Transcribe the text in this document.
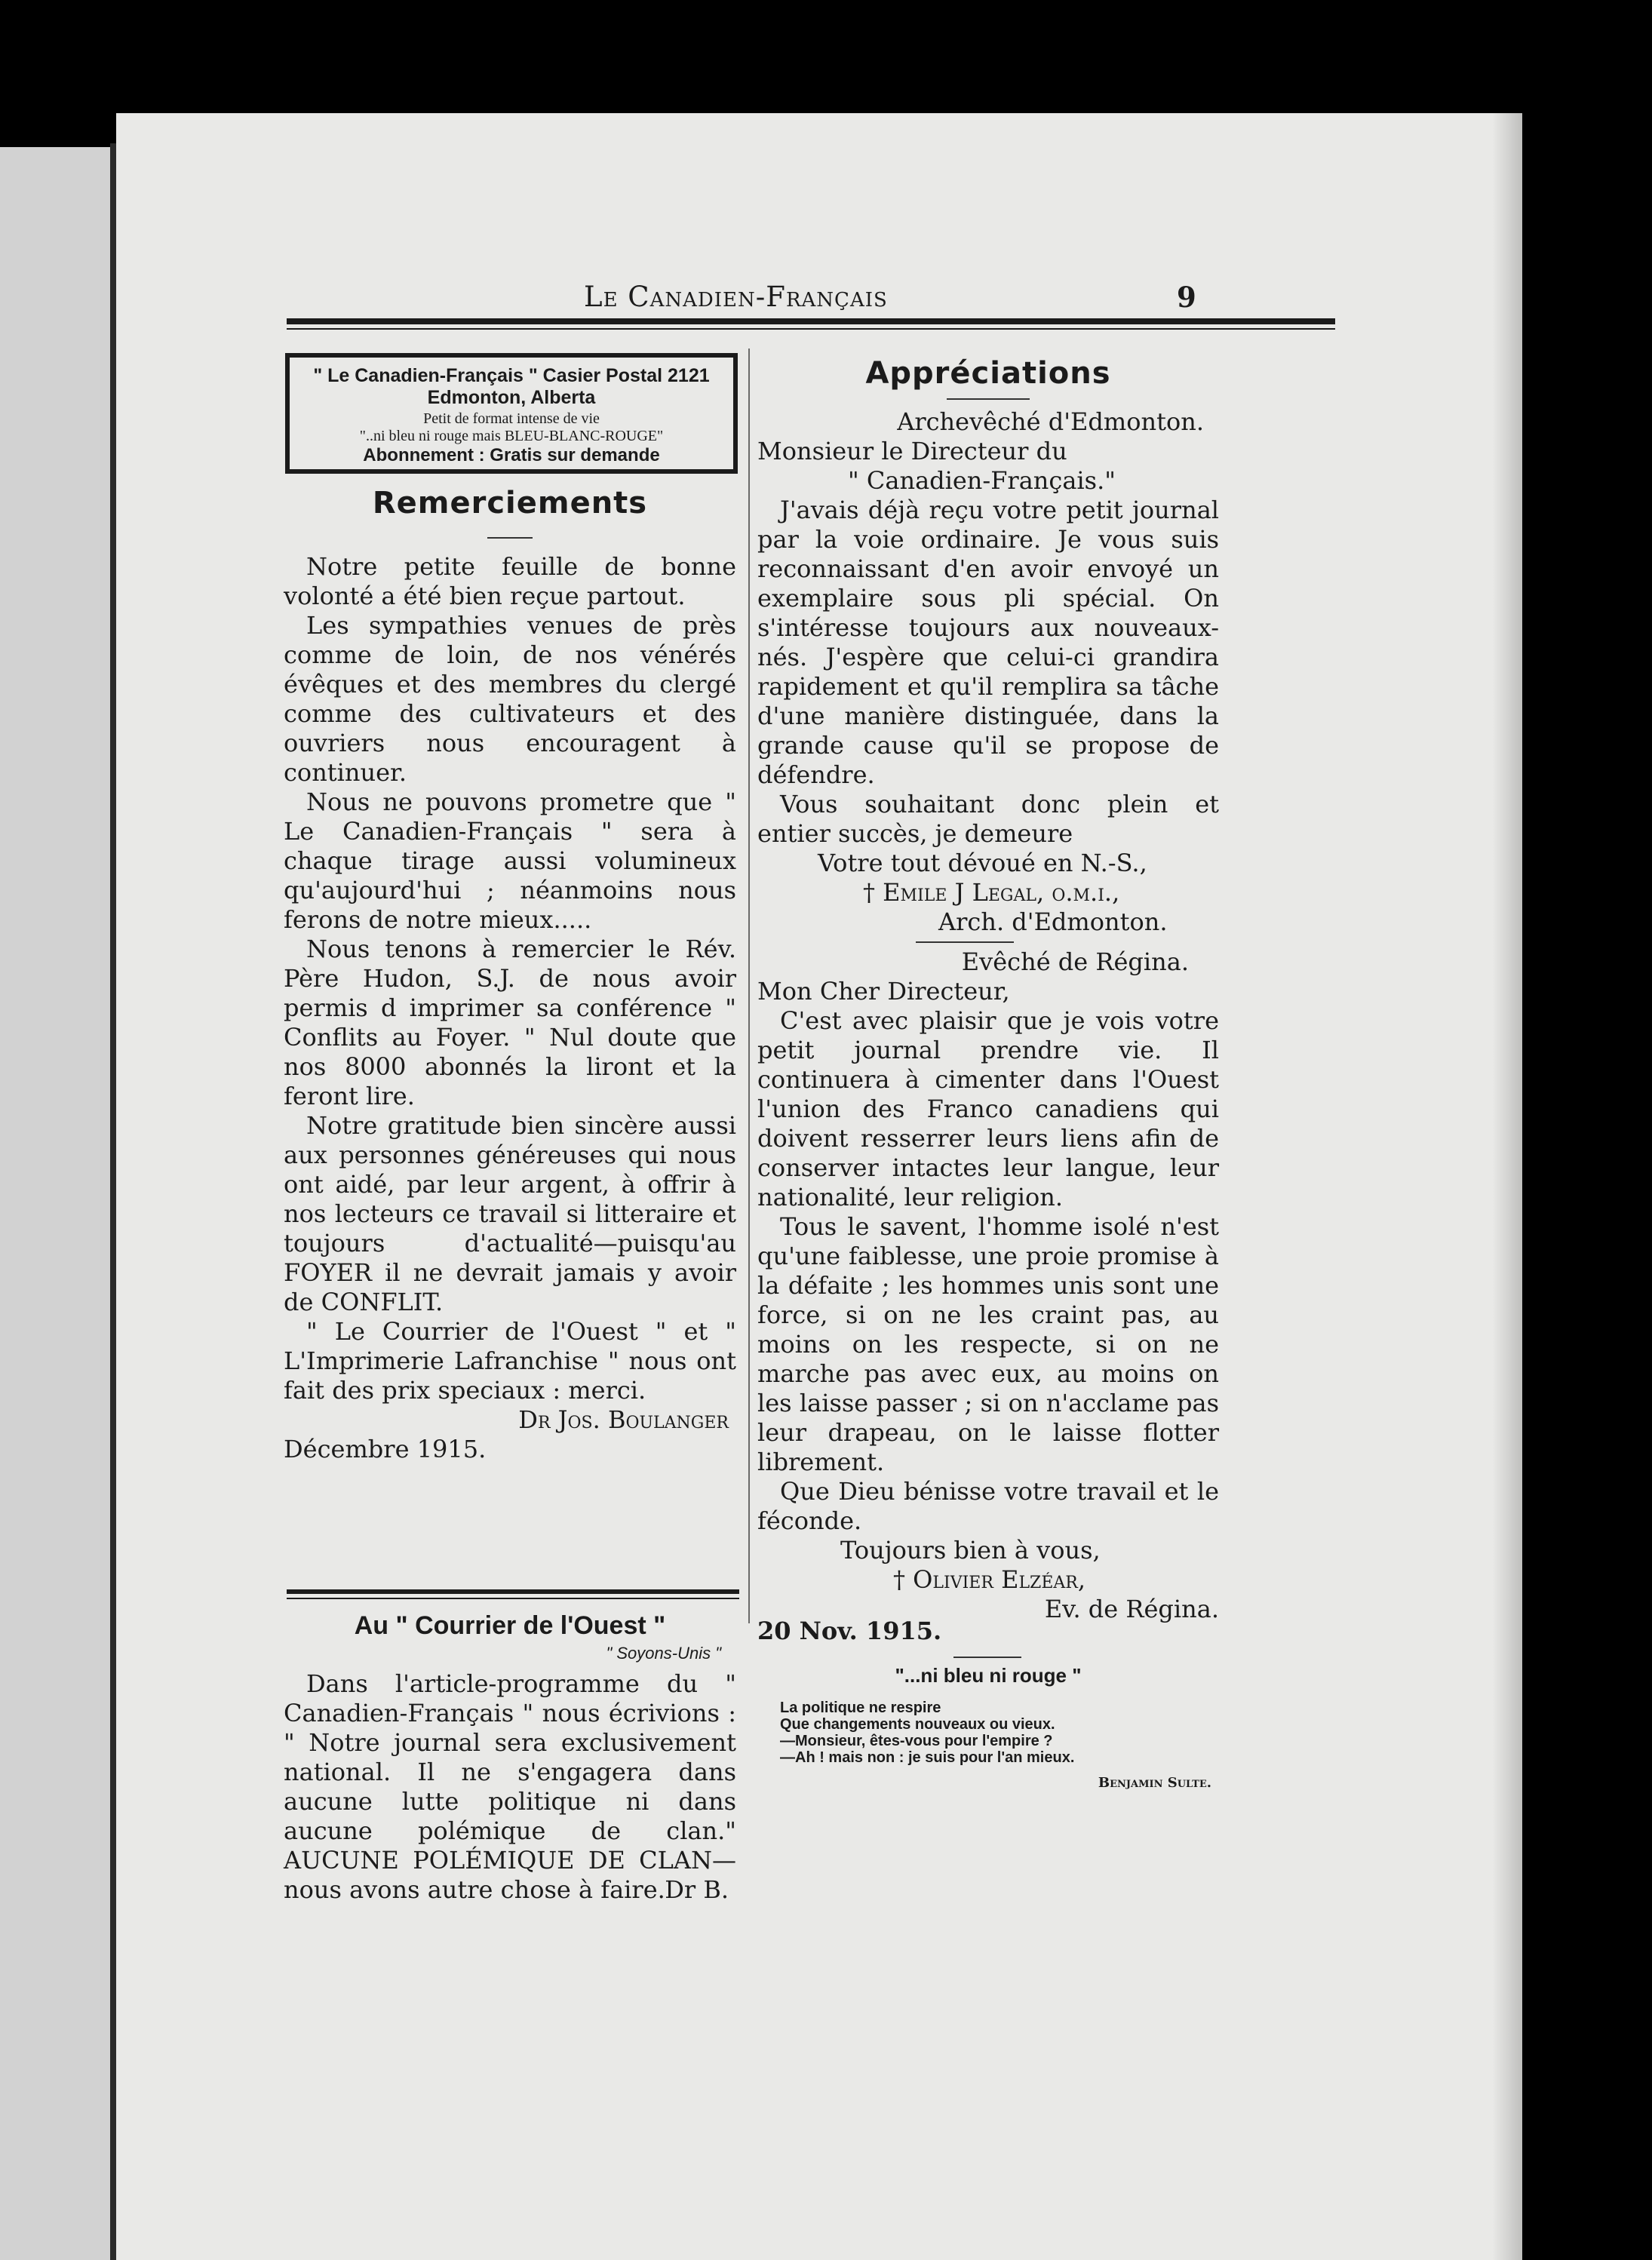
Le Canadien-Français	9
" Le Canadien-Français " Casier Postal 2121
Edmonton, Alberta
Petit de format intense de vie
"..ni bleu ni rouge mais BLEU-BLANC-ROUGE"
Abonnement : Gratis sur demande
Remerciements

Notre petite feuille de bonne volonté a été bien reçue partout.

Les sympathies venues de près comme de loin, de nos vénérés évêques et des membres du clergé comme des cultivateurs et des ouvriers nous encouragent à continuer.

Nous ne pouvons prometre que " Le Canadien-Français " sera à chaque tirage aussi volumineux qu'aujourd'hui ; néanmoins nous ferons de notre mieux.....

Nous tenons à remercier le Rév. Père Hudon, S.J. de nous avoir permis d imprimer sa conférence " Conflits au Foyer. " Nul doute que nos 8000 abonnés la liront et la feront lire.

Notre gratitude bien sincère aussi aux personnes généreuses qui nous ont aidé, par leur argent, à offrir à nos lecteurs ce travail si litteraire et toujours d'actualité—puisqu'au FOYER il ne devrait jamais y avoir de CONFLIT.

" Le Courrier de l'Ouest " et " L'Imprimerie Lafranchise " nous ont fait des prix speciaux : merci.

Dr Jos. Boulanger
Décembre 1915.
Au " Courrier de l'Ouest "
" Soyons-Unis "

Dans l'article-programme du " Canadien-Français " nous écrivions : " Notre journal sera exclusivement national. Il ne s'engagera dans aucune lutte politique ni dans aucune polémique de clan." AUCUNE POLÉMIQUE DE CLAN—nous avons autre chose à faire. Dr B.
Appréciations
Archevêché d'Edmonton.
Monsieur le Directeur du
" Canadien-Français."

J'avais déjà reçu votre petit journal par la voie ordinaire. Je vous suis reconnaissant d'en avoir envoyé un exemplaire sous pli spécial. On s'intéresse toujours aux nouveaux-nés. J'espère que celui-ci grandira rapidement et qu'il remplira sa tâche d'une manière distinguée, dans la grande cause qu'il se propose de défendre.

Vous souhaitant donc plein et entier succès, je demeure

Votre tout dévoué en N.-S.,
† Emile J Legal, o.m.i.,
Arch. d'Edmonton.
Evêché de Régina.
Mon Cher Directeur,

C'est avec plaisir que je vois votre petit journal prendre vie. Il continuera à cimenter dans l'Ouest l'union des Franco canadiens qui doivent resserrer leurs liens afin de conserver intactes leur langue, leur nationalité, leur religion.

Tous le savent, l'homme isolé n'est qu'une faiblesse, une proie promise à la défaite ; les hommes unis sont une force, si on ne les craint pas, au moins on les respecte, si on ne marche pas avec eux, au moins on les laisse passer ; si on n'acclame pas leur drapeau, on le laisse flotter librement.

Que Dieu bénisse votre travail et le féconde.

Toujours bien à vous,
† Olivier Elzéar,
Ev. de Régina.
20 Nov. 1915.
"...ni bleu ni rouge "
La politique ne respire
Que changements nouveaux ou vieux.
—Monsieur, êtes-vous pour l'empire ?
—Ah ! mais non : je suis pour l'an mieux.
Benjamin Sulte.
